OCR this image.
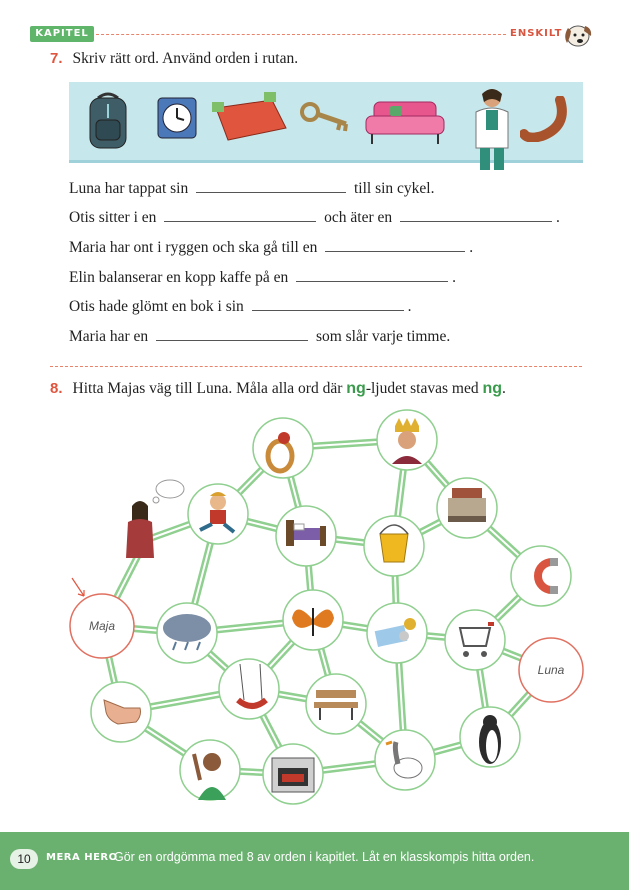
KAPITEL 1
ENSKILT
7. Skriv rätt ord. Använd orden i rutan.
Luna har tappat sin	till sin cykel.
Otis sitter i en	och äter en	.
Maria har ont i ryggen och ska gå till en	.
Elin balanserar en kopp kaffe på en	.
Otis hade glömt en bok i sin	.
Maria har en	som slår varje timme.
8. Hitta Majas väg till Luna. Måla alla ord där ng-ljudet stavas med ng.
Maja
Luna
10	MERA HERO
Gör en ordgömma med 8 av orden i kapitlet. Låt en klasskompis hitta orden.
